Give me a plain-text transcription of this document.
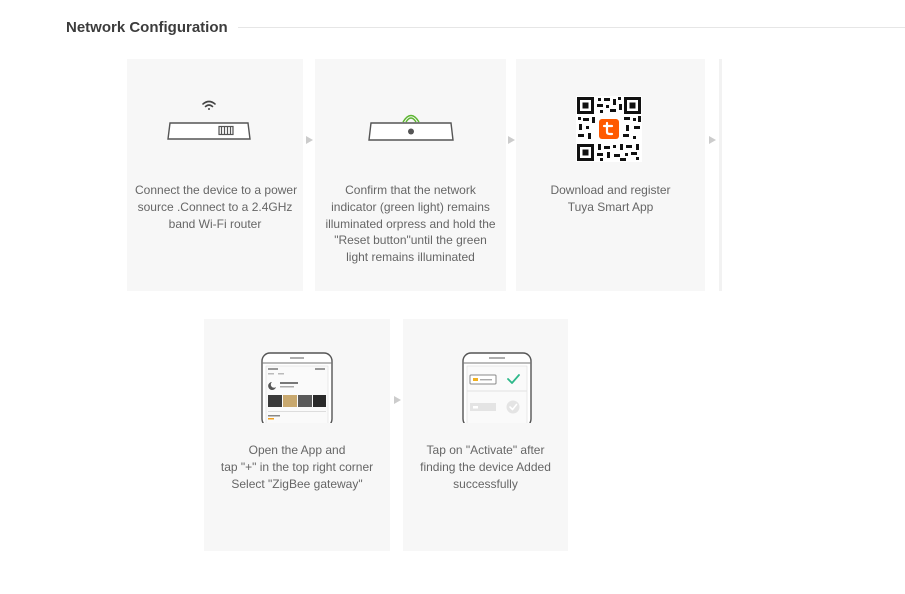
Network Configuration
Connect the device to a power
source .Connect to a 2.4GHz
band Wi-Fi router
Confirm that the network
indicator (green light) remains
illuminated orpress and hold the
"Reset button"until the green
light remains illuminated
Download and register
Tuya Smart App
Open the App and
tap "+" in the top right corner
Select "ZigBee gateway"
Tap on "Activate" after
finding the device Added
successfully
